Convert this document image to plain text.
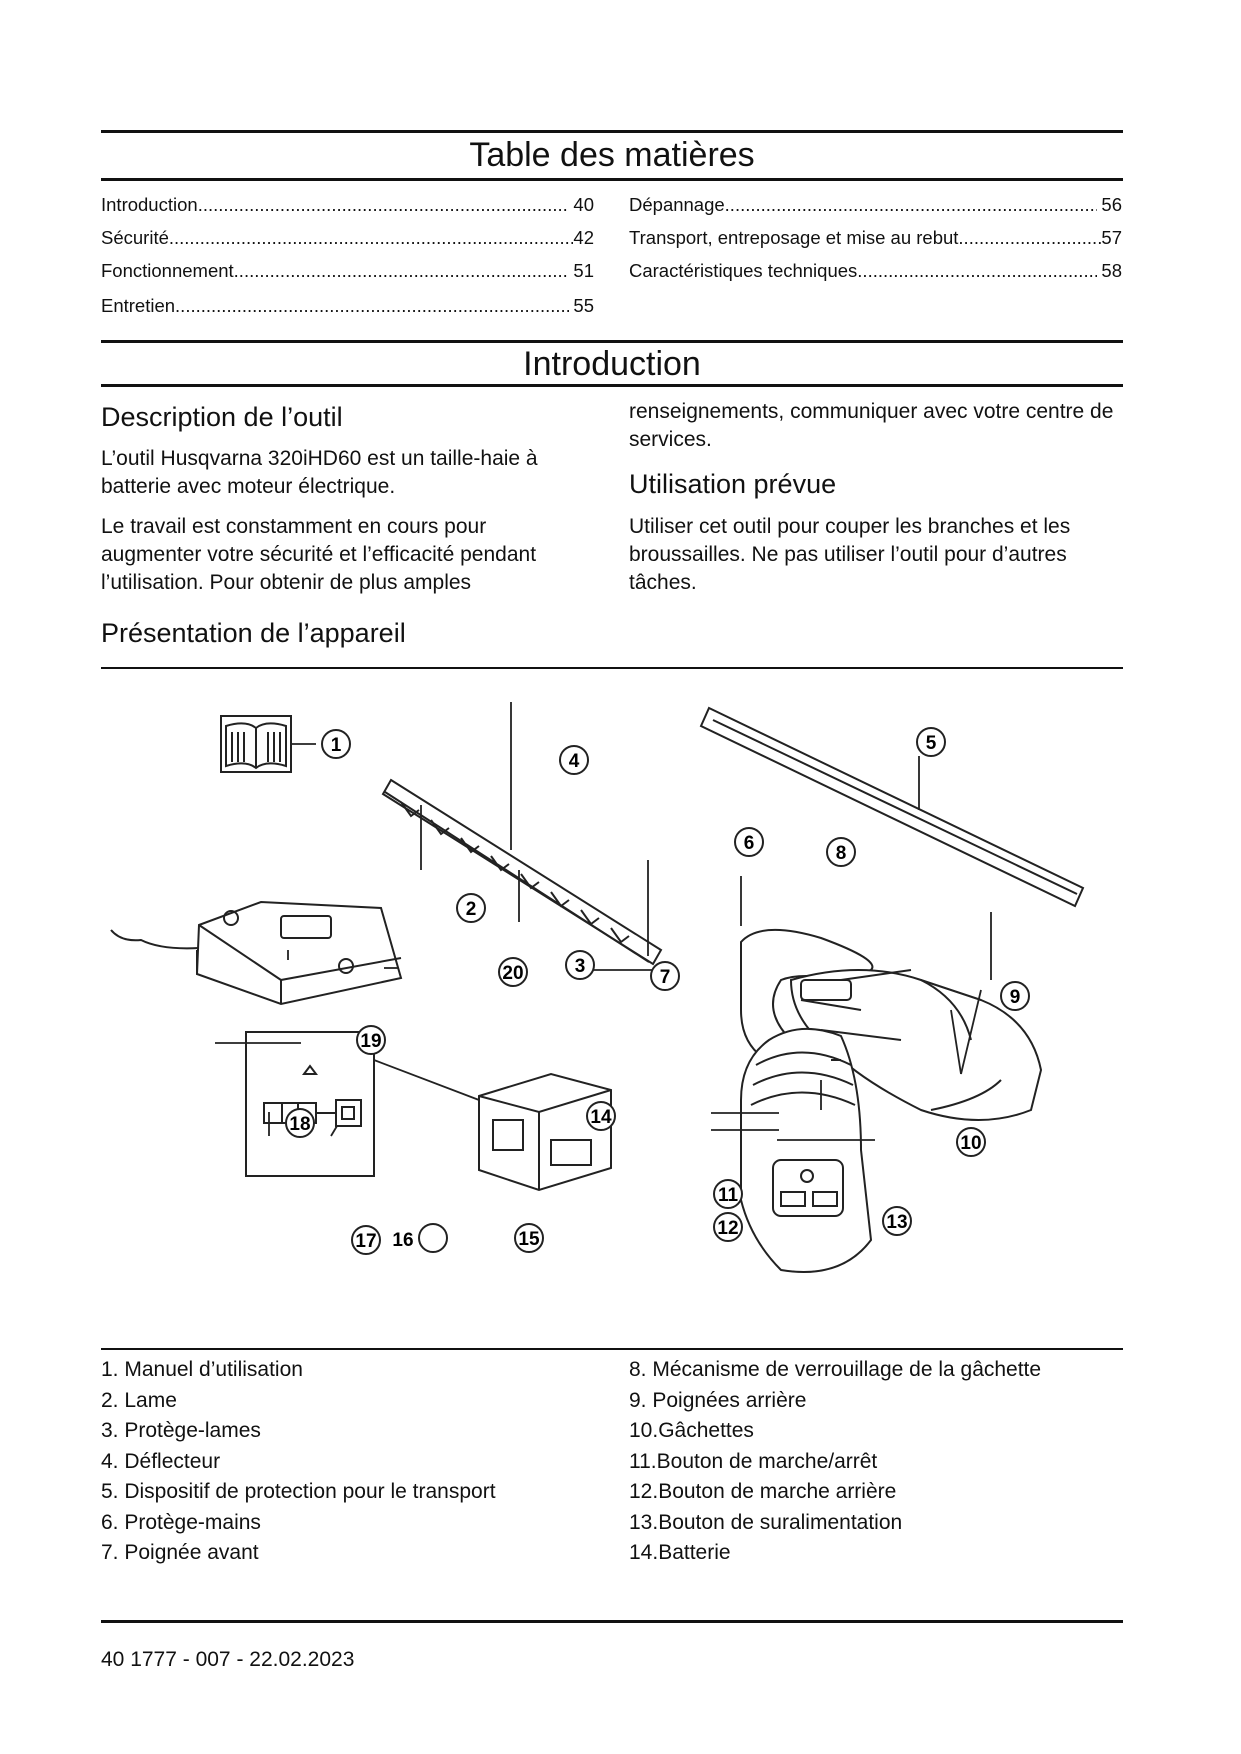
Table des matières
Introduction .....	40
Sécurité .....	42
Fonctionnement .....	51
Entretien .....	55
Dépannage .....	56
Transport, entreposage et mise au rebut .....	57
Caractéristiques techniques .....	58
Introduction
Description de l’outil
L’outil Husqvarna 320iHD60 est un taille-haie à batterie avec moteur électrique.
Le travail est constamment en cours pour augmenter votre sécurité et l’efficacité pendant l’utilisation. Pour obtenir de plus amples
renseignements, communiquer avec votre centre de services.
Utilisation prévue
Utiliser cet outil pour couper les branches et les broussailles. Ne pas utiliser l’outil pour d’autres tâches.
Présentation de l’appareil
1
2
3
4
5
6
7
8
9
10
11
12	13
14
15
16
17
18
19
20
1. Manuel d’utilisation
2. Lame
3. Protège-lames
4. Déflecteur
5. Dispositif de protection pour le transport
6. Protège-mains
7. Poignée avant
8. Mécanisme de verrouillage de la gâchette
9. Poignées arrière
10.Gâchettes
11.Bouton de marche/arrêt
12.Bouton de marche arrière
13.Bouton de suralimentation
14.Batterie
40 1777 - 007 - 22.02.2023
